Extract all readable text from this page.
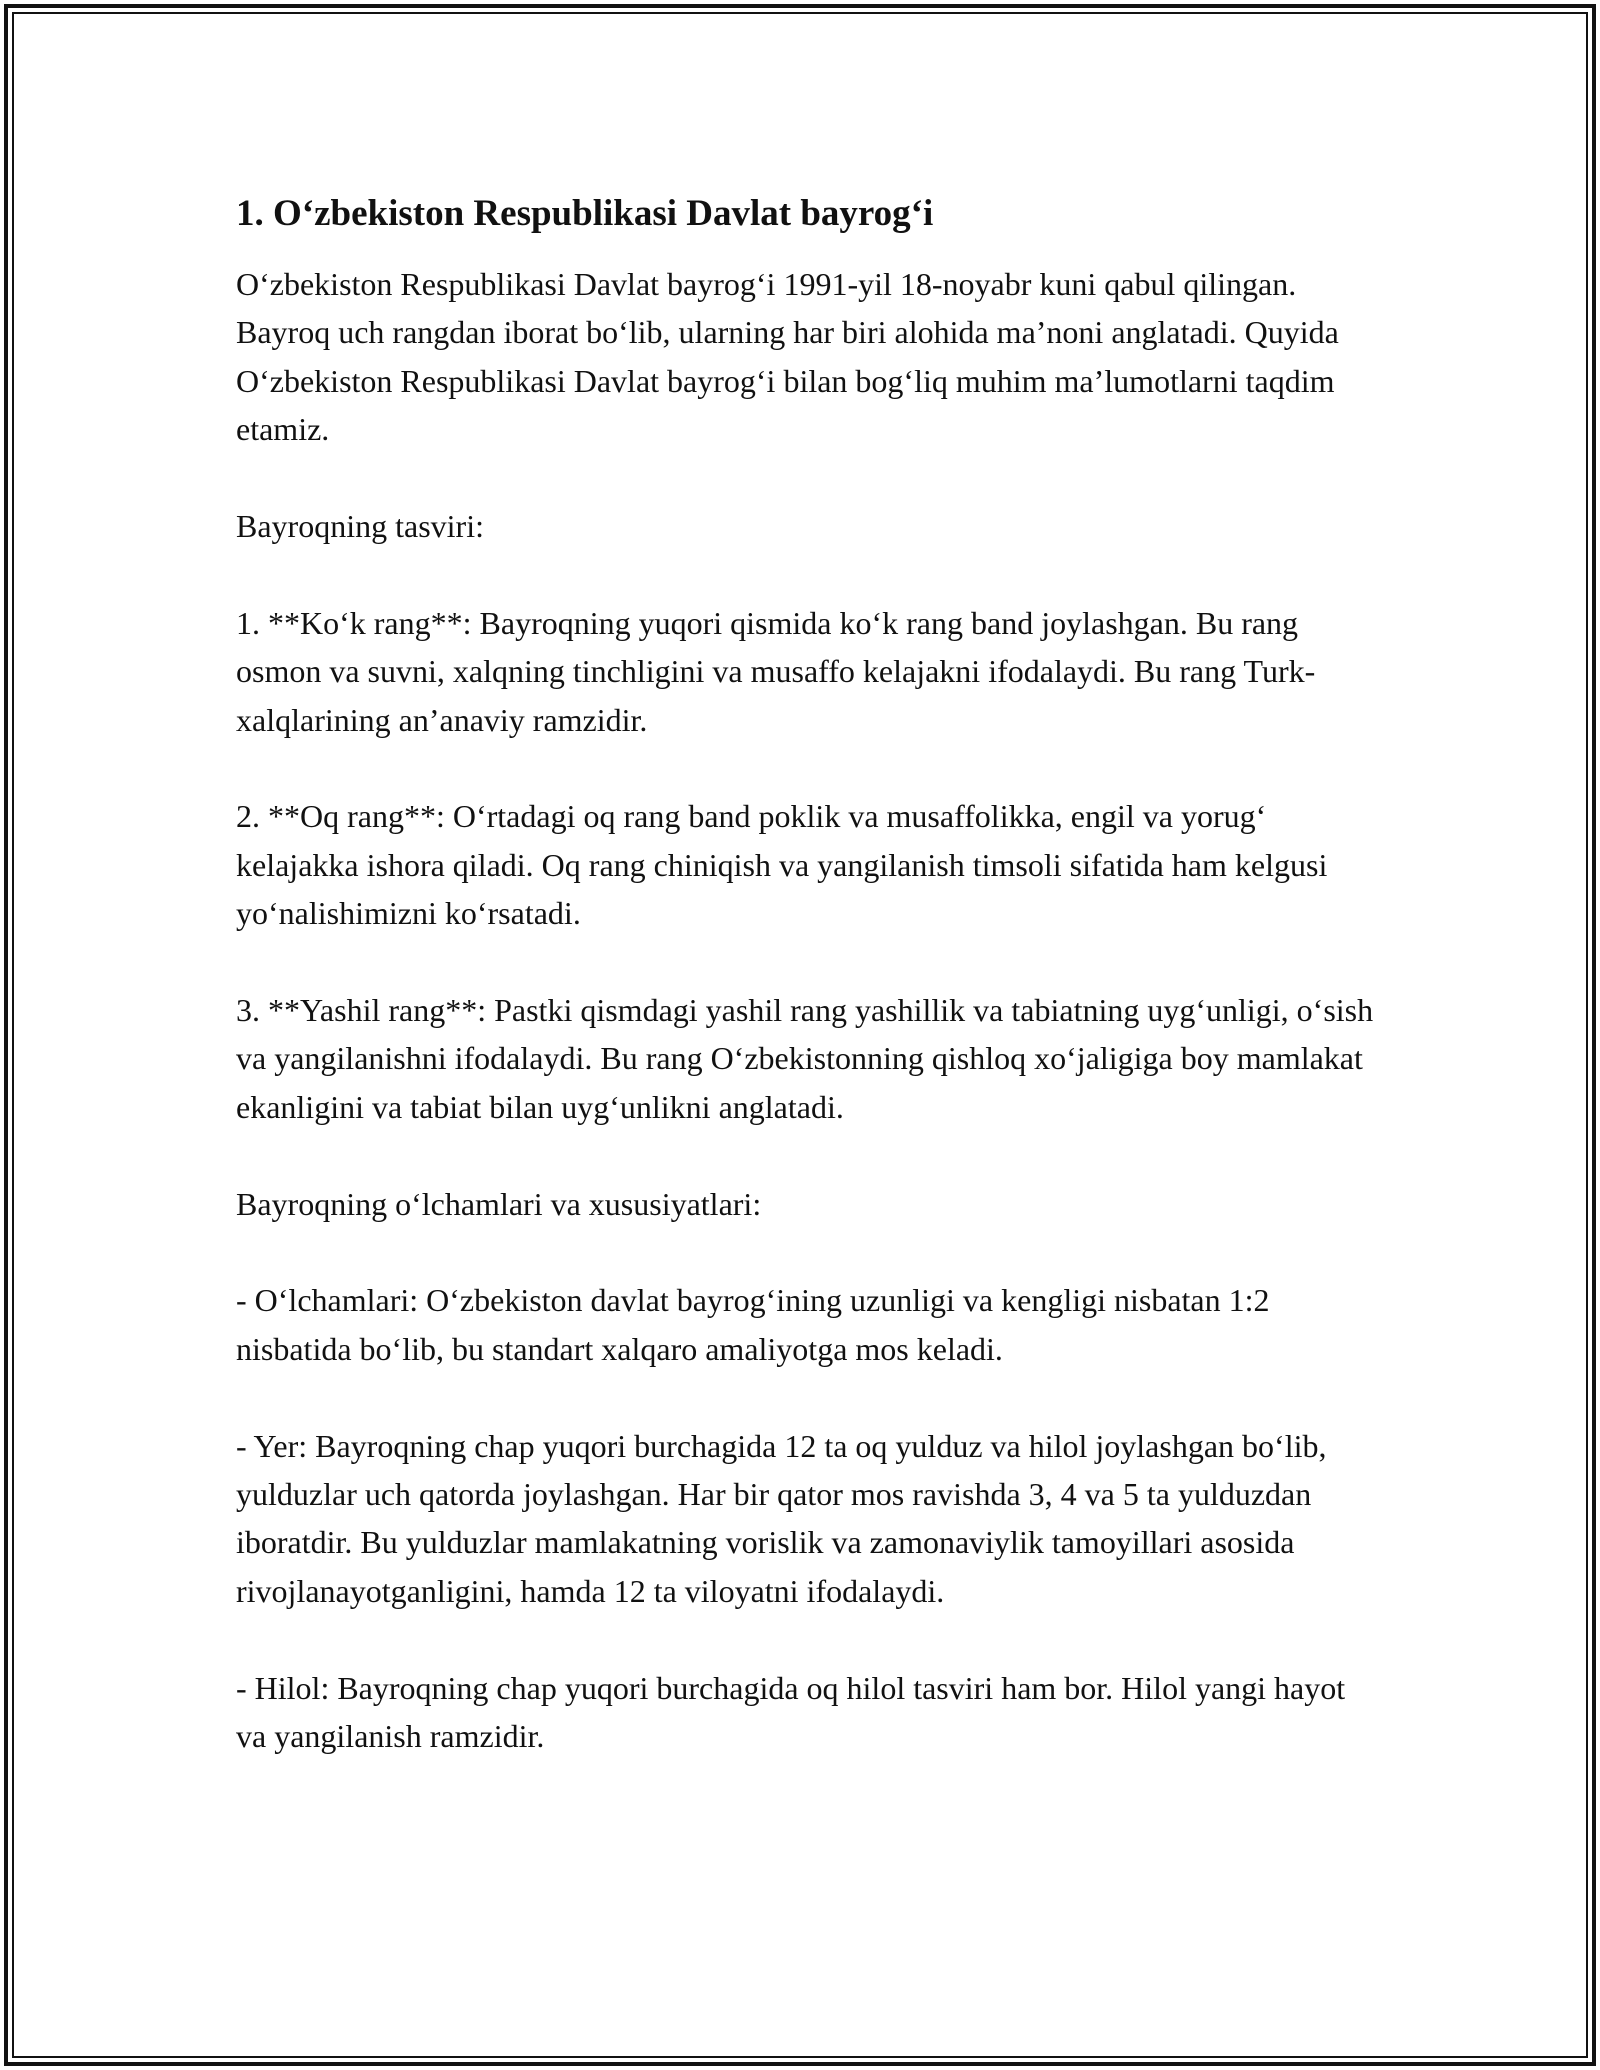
1. O‘zbekiston Respublikasi Davlat bayrog‘i

O‘zbekiston Respublikasi Davlat bayrog‘i 1991-yil 18-noyabr kuni qabul qilingan. Bayroq uch rangdan iborat bo‘lib, ularning har biri alohida ma’noni anglatadi. Quyida O‘zbekiston Respublikasi Davlat bayrog‘i bilan bog‘liq muhim ma’lumotlarni taqdim etamiz.

Bayroqning tasviri:

1. **Ko‘k rang**: Bayroqning yuqori qismida ko‘k rang band joylashgan. Bu rang osmon va suvni, xalqning tinchligini va musaffo kelajakni ifodalaydi. Bu rang Turk-xalqlarining an’anaviy ramzidir.

2. **Oq rang**: O‘rtadagi oq rang band poklik va musaffolikka, engil va yorug‘ kelajakka ishora qiladi. Oq rang chiniqish va yangilanish timsoli sifatida ham kelgusi yo‘nalishimizni ko‘rsatadi.

3. **Yashil rang**: Pastki qismdagi yashil rang yashillik va tabiatning uyg‘unligi, o‘sish va yangilanishni ifodalaydi. Bu rang O‘zbekistonning qishloq xo‘jaligiga boy mamlakat ekanligini va tabiat bilan uyg‘unlikni anglatadi.

Bayroqning o‘lchamlari va xususiyatlari:

- O‘lchamlari: O‘zbekiston davlat bayrog‘ining uzunligi va kengligi nisbatan 1:2 nisbatida bo‘lib, bu standart xalqaro amaliyotga mos keladi.

- Yer: Bayroqning chap yuqori burchagida 12 ta oq yulduz va hilol joylashgan bo‘lib, yulduzlar uch qatorda joylashgan. Har bir qator mos ravishda 3, 4 va 5 ta yulduzdan iboratdir. Bu yulduzlar mamlakatning vorislik va zamonaviylik tamoyillari asosida rivojlanayotganligini, hamda 12 ta viloyatni ifodalaydi.

- Hilol: Bayroqning chap yuqori burchagida oq hilol tasviri ham bor. Hilol yangi hayot va yangilanish ramzidir.
